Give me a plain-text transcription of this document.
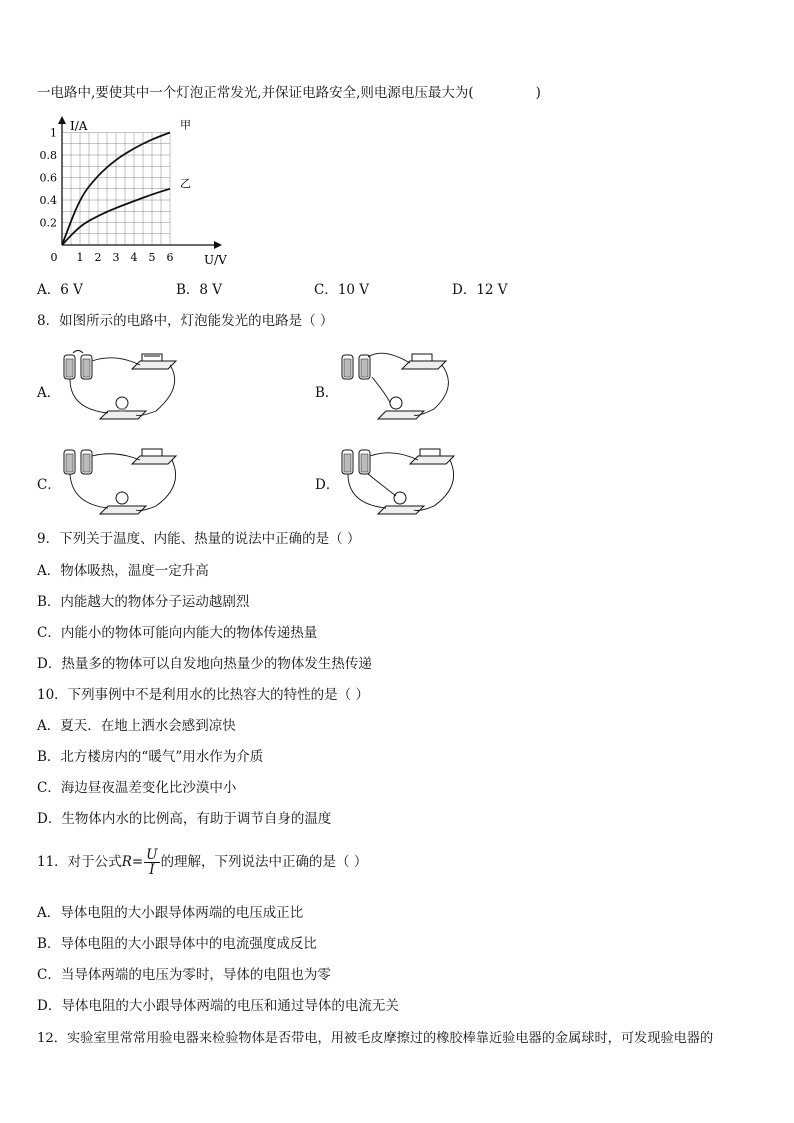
一电路中,要使其中一个灯泡正常发光,并保证电路安全,则电源电压最大为(	)
I/A
U/V
1
0.8
0.6
0.4
0.2
0 1 2 3 4 5 6
甲
乙
A．6 V	B．8 V	C．10 V	D．12 V
8．如图所示的电路中，灯泡能发光的电路是（ ）
A．	B．
C．	D．
9．下列关于温度、内能、热量的说法中正确的是（ ）
A．物体吸热，温度一定升高
B．内能越大的物体分子运动越剧烈
C．内能小的物体可能向内能大的物体传递热量
D．热量多的物体可以自发地向热量少的物体发生热传递
10．下列事例中不是利用水的比热容大的特性的是（ ）
A．夏天．在地上洒水会感到凉快
B．北方楼房内的“暖气”用水作为介质
C．海边昼夜温差变化比沙漠中小
D．生物体内水的比例高，有助于调节自身的温度
11．对于公式$R= \frac{U}{I}$ 的理解，下列说法中正确的是（ ）
A．导体电阻的大小跟导体两端的电压成正比
B．导体电阻的大小跟导体中的电流强度成反比
C．当导体两端的电压为零时，导体的电阻也为零
D．导体电阻的大小跟导体两端的电压和通过导体的电流无关
12．实验室里常常用验电器来检验物体是否带电，用被毛皮摩擦过的橡胶棒靠近验电器的金属球时，可发现验电器的
